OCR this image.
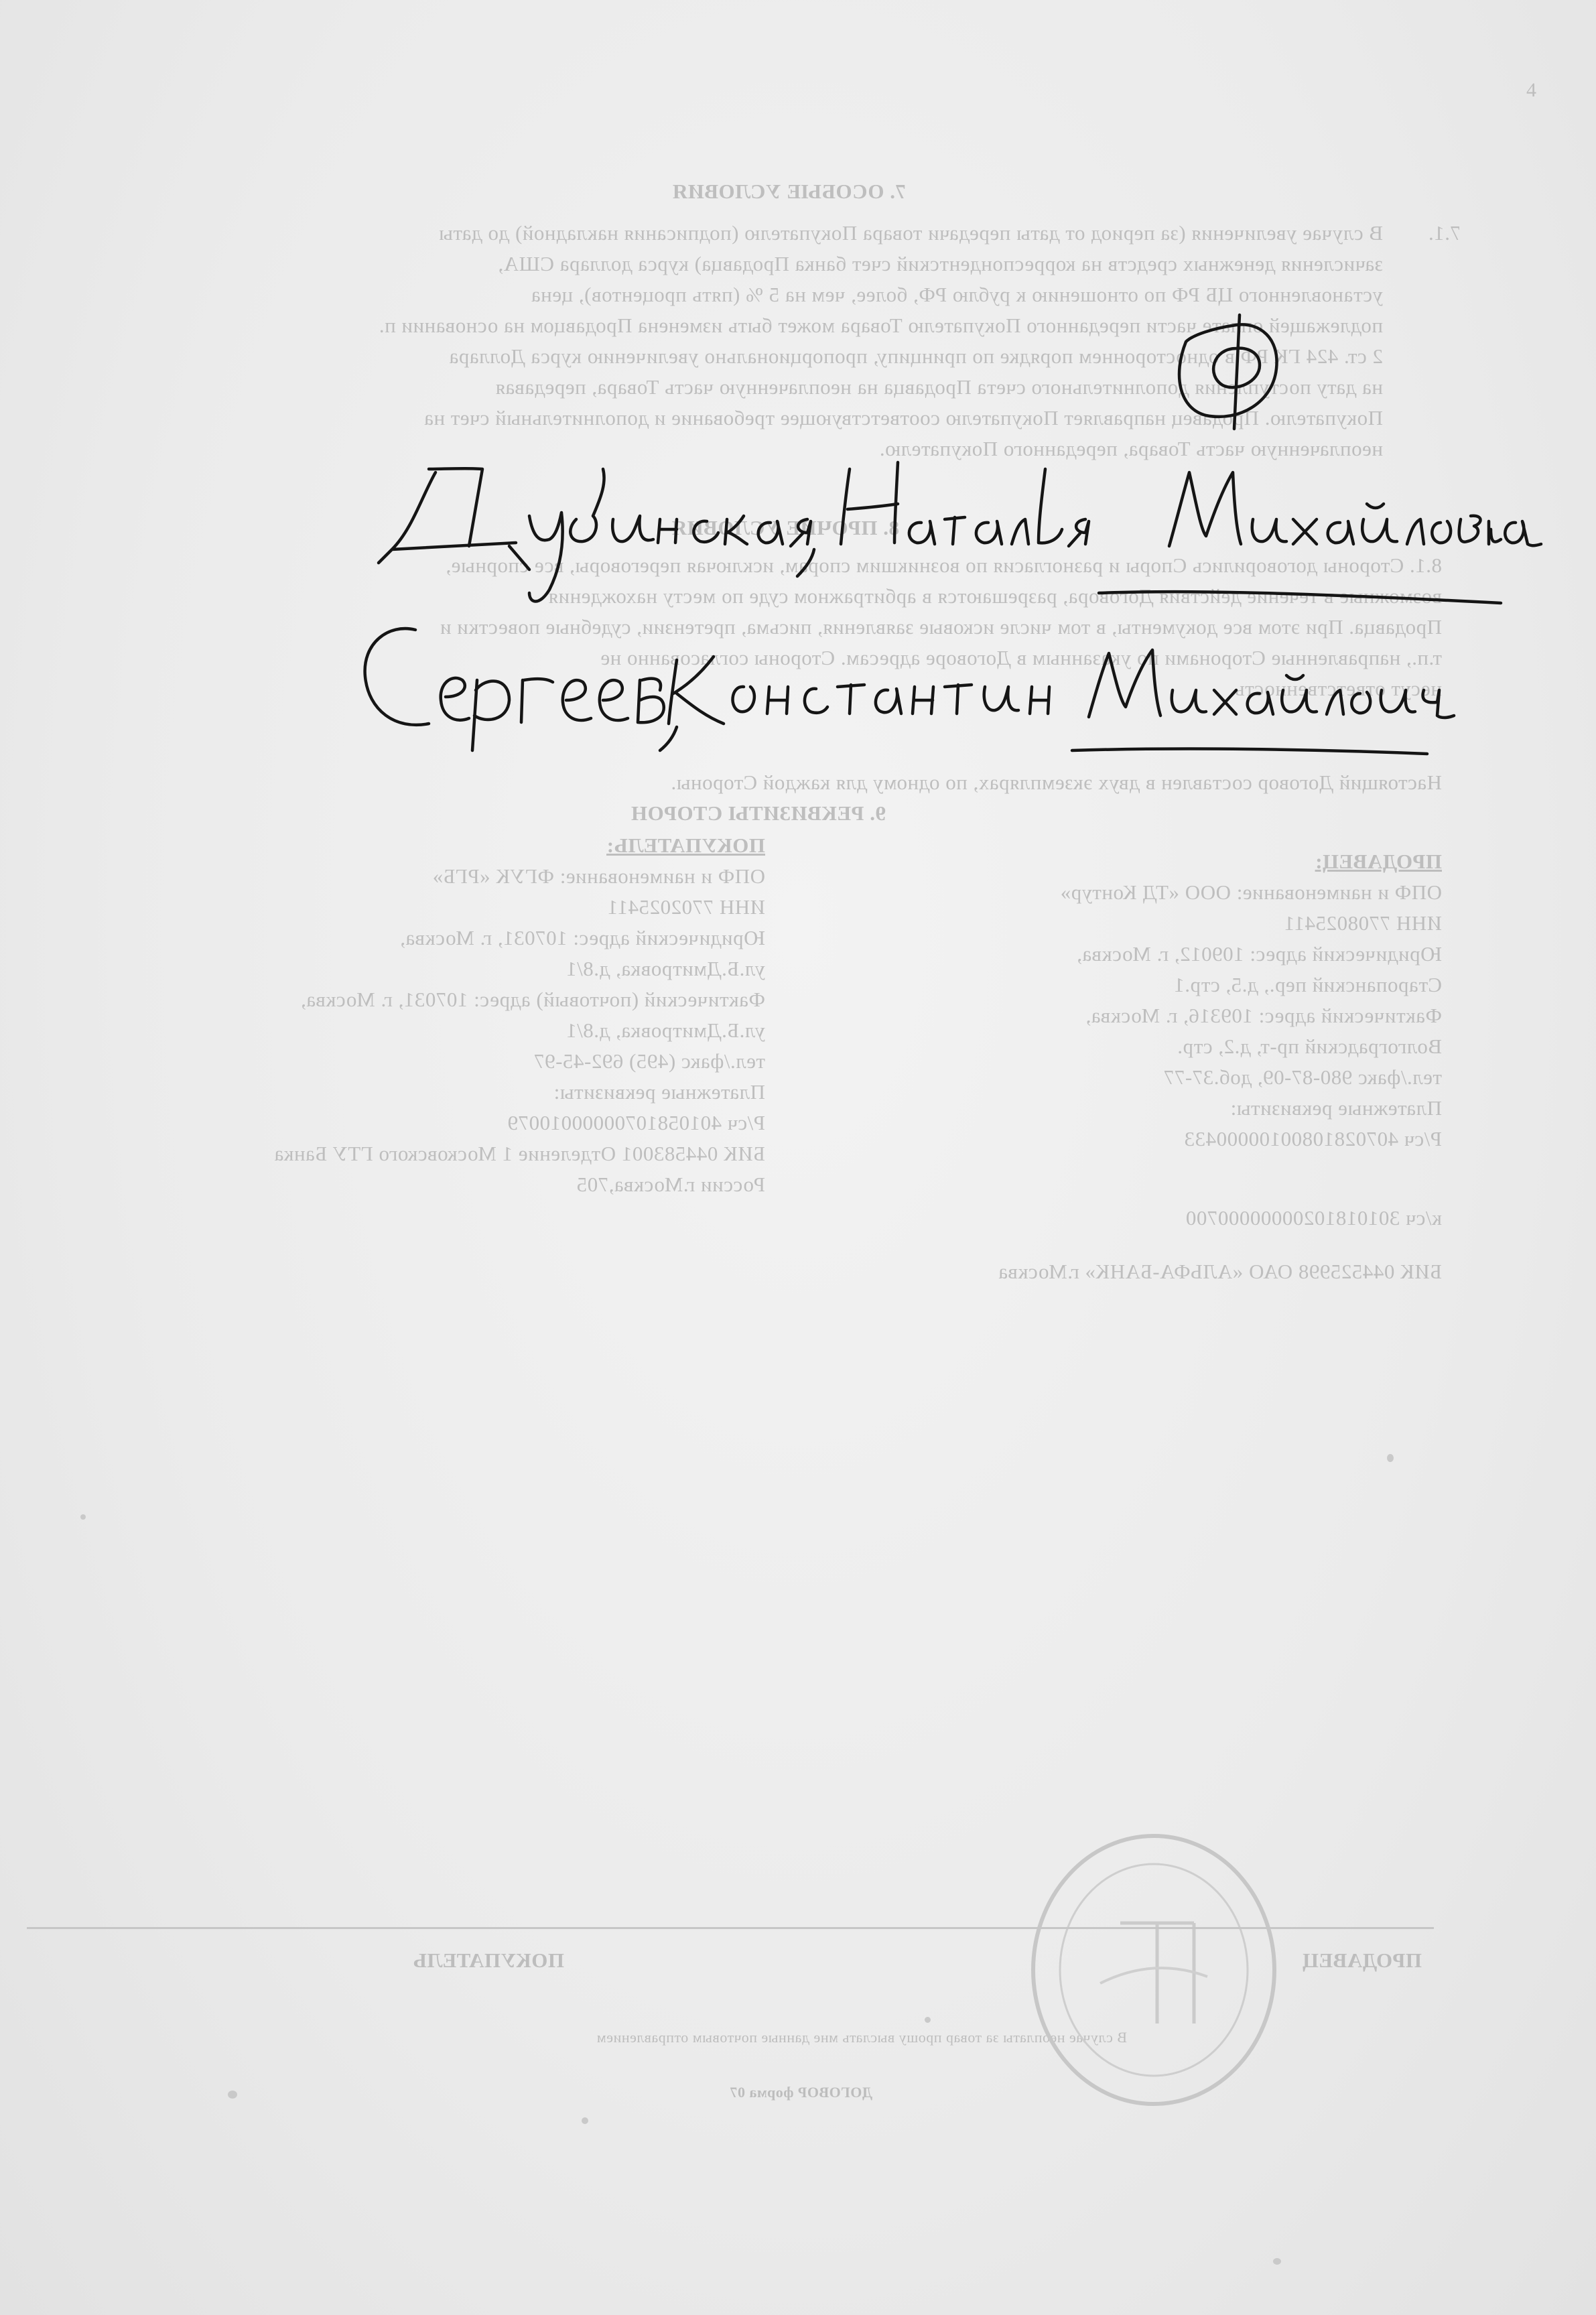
4
7. ОСОБЫЕ УСЛОВИЯ
7.1.
В случае увеличения (за период от даты передачи товара Покупателю (подписания накладной) до даты
зачисления денежных средств на корреспондентский счет банка Продавца) курса доллара США,
установленного ЦБ РФ по отношению к рублю РФ, более, чем на 5 % (пять процентов), цена
подлежащей оплате части переданного Покупателю Товара может быть изменена Продавцом на основании п.
2 ст. 424 ГК РФ в одностороннем порядке по принципу, пропорционально увеличению курса Доллара
на дату поступления дополнительного счета Продавца на неоплаченную часть Товара, передавая
Покупателю. Продавец направляет Покупателю соответствующее требование и дополнительный счет на
неоплаченную часть Товара, переданного Покупателю.
8. ПРОЧИЕ УСЛОВИЯ
8.1. Стороны договорились Споры и разногласия по возникшим спорам, исключая переговоры, все спорные,
возможные в течение действия Договора, разрешаются в арбитражном суде по месту нахождения
Продавца. При этом все документы, в том числе исковые заявления, письма, претензии, судебные повестки и
т.п., направленные Сторонами по указанным в Договоре адресам. Стороны согласованно не
несут ответственность.
Настоящий Договор составлен в двух экземплярах, по одному для каждой Стороны.
9. РЕКВИЗИТЫ СТОРОН
ПОКУПАТЕЛЬ:
ОПФ и наименование: ФГУК «РГБ»
ИНН 7702025411
Юридический адрес: 107031, г. Москва,
ул.Б.Дмитровка, д.8/1
Фактический (почтовый) адрес: 107031, г. Москва,
ул.Б.Дмитровка, д.8/1
тел./факс (495) 692-45-97
Платежные реквизиты:
Р/сч 40105810700000010079
БИК 044583001 Отделение 1 Московского ГТУ Банка
России г.Москва,705
ПРОДАВЕЦ:
ОПФ и наименование: ООО «ТД Контур»
ИНН 7708025411
Юридический адрес: 109012, г. Москва,
Старопанский пер., д.5, стр.1
Фактический адрес: 109316, г. Москва,
Волгоградский пр-т, д.2, стр.
тел./факс 980-87-09, доб.37-77
Платежные реквизиты:
Р/сч 40702810800100000433
к/сч 30101810200000000700
БИК 044525998 ОАО «АЛЬФА-БАНК» г.Москва
ПРОДАВЕЦ
ПОКУПАТЕЛЬ
В случае неоплаты за товар прошу выслать мне данные почтовым отправлением
ДОГОВОР форма 07
